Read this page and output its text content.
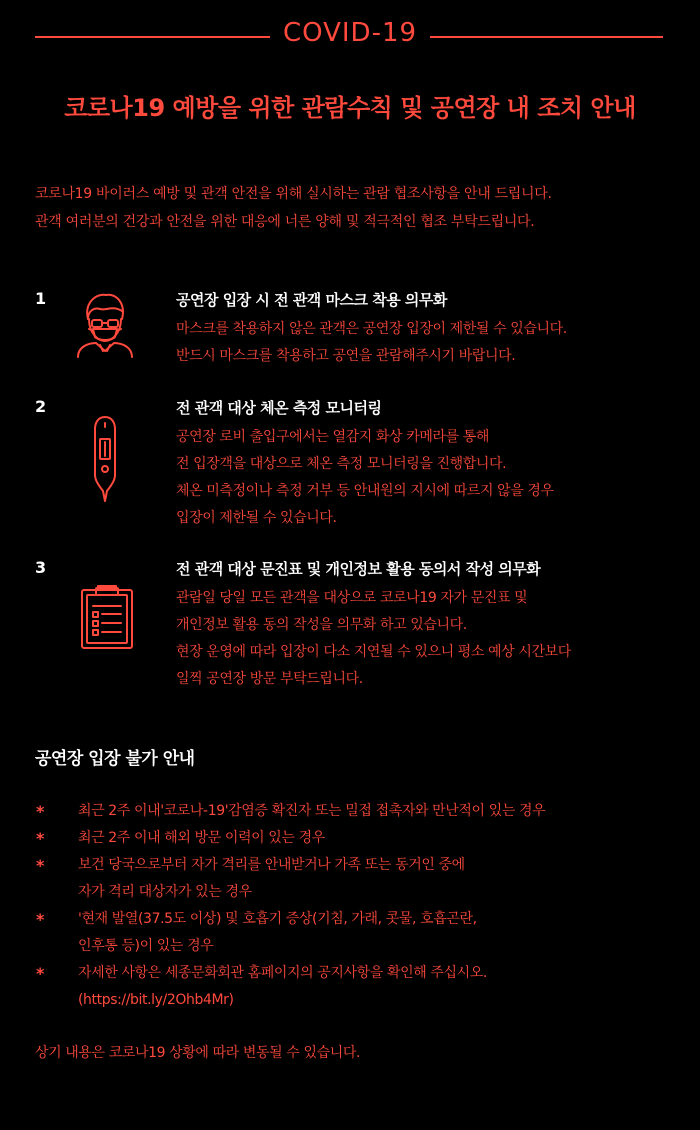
COVID-19
코로나19 예방을 위한 관람수칙 및 공연장 내 조치 안내
코로나19 바이러스 예방 및 관객 안전을 위해 실시하는 관람 협조사항을 안내 드립니다.
관객 여러분의 건강과 안전을 위한 대응에 너른 양해 및 적극적인 협조 부탁드립니다.
1	공연장 입장 시 전 관객 마스크 착용 의무화
마스크를 착용하지 않은 관객은 공연장 입장이 제한될 수 있습니다.
반드시 마스크를 착용하고 공연을 관람해주시기 바랍니다.
2	전 관객 대상 체온 측정 모니터링
공연장 로비 출입구에서는 열감지 화상 카메라를 통해
전 입장객을 대상으로 체온 측정 모니터링을 진행합니다.
체온 미측정이나 측정 거부 등 안내원의 지시에 따르지 않을 경우
입장이 제한될 수 있습니다.
3	전 관객 대상 문진표 및 개인정보 활용 동의서 작성 의무화
관람일 당일 모든 관객을 대상으로 코로나19 자가 문진표 및
개인정보 활용 동의 작성을 의무화 하고 있습니다.
현장 운영에 따라 입장이 다소 지연될 수 있으니 평소 예상 시간보다
일찍 공연장 방문 부탁드립니다.
공연장 입장 불가 안내
* 최근 2주 이내'코로나-19'감염증 확진자 또는 밀접 접촉자와 만난적이 있는 경우
* 최근 2주 이내 해외 방문 이력이 있는 경우
* 보건 당국으로부터 자가 격리를 안내받거나 가족 또는 동거인 중에
자가 격리 대상자가 있는 경우
* '현재 발열(37.5도 이상) 및 호흡기 증상(기침, 가래, 콧물, 호흡곤란,
인후통 등)이 있는 경우
* 자세한 사항은 세종문화회관 홈페이지의 공지사항을 확인해 주십시오.
(https://bit.ly/2Ohb4Mr)
상기 내용은 코로나19 상황에 따라 변동될 수 있습니다.
